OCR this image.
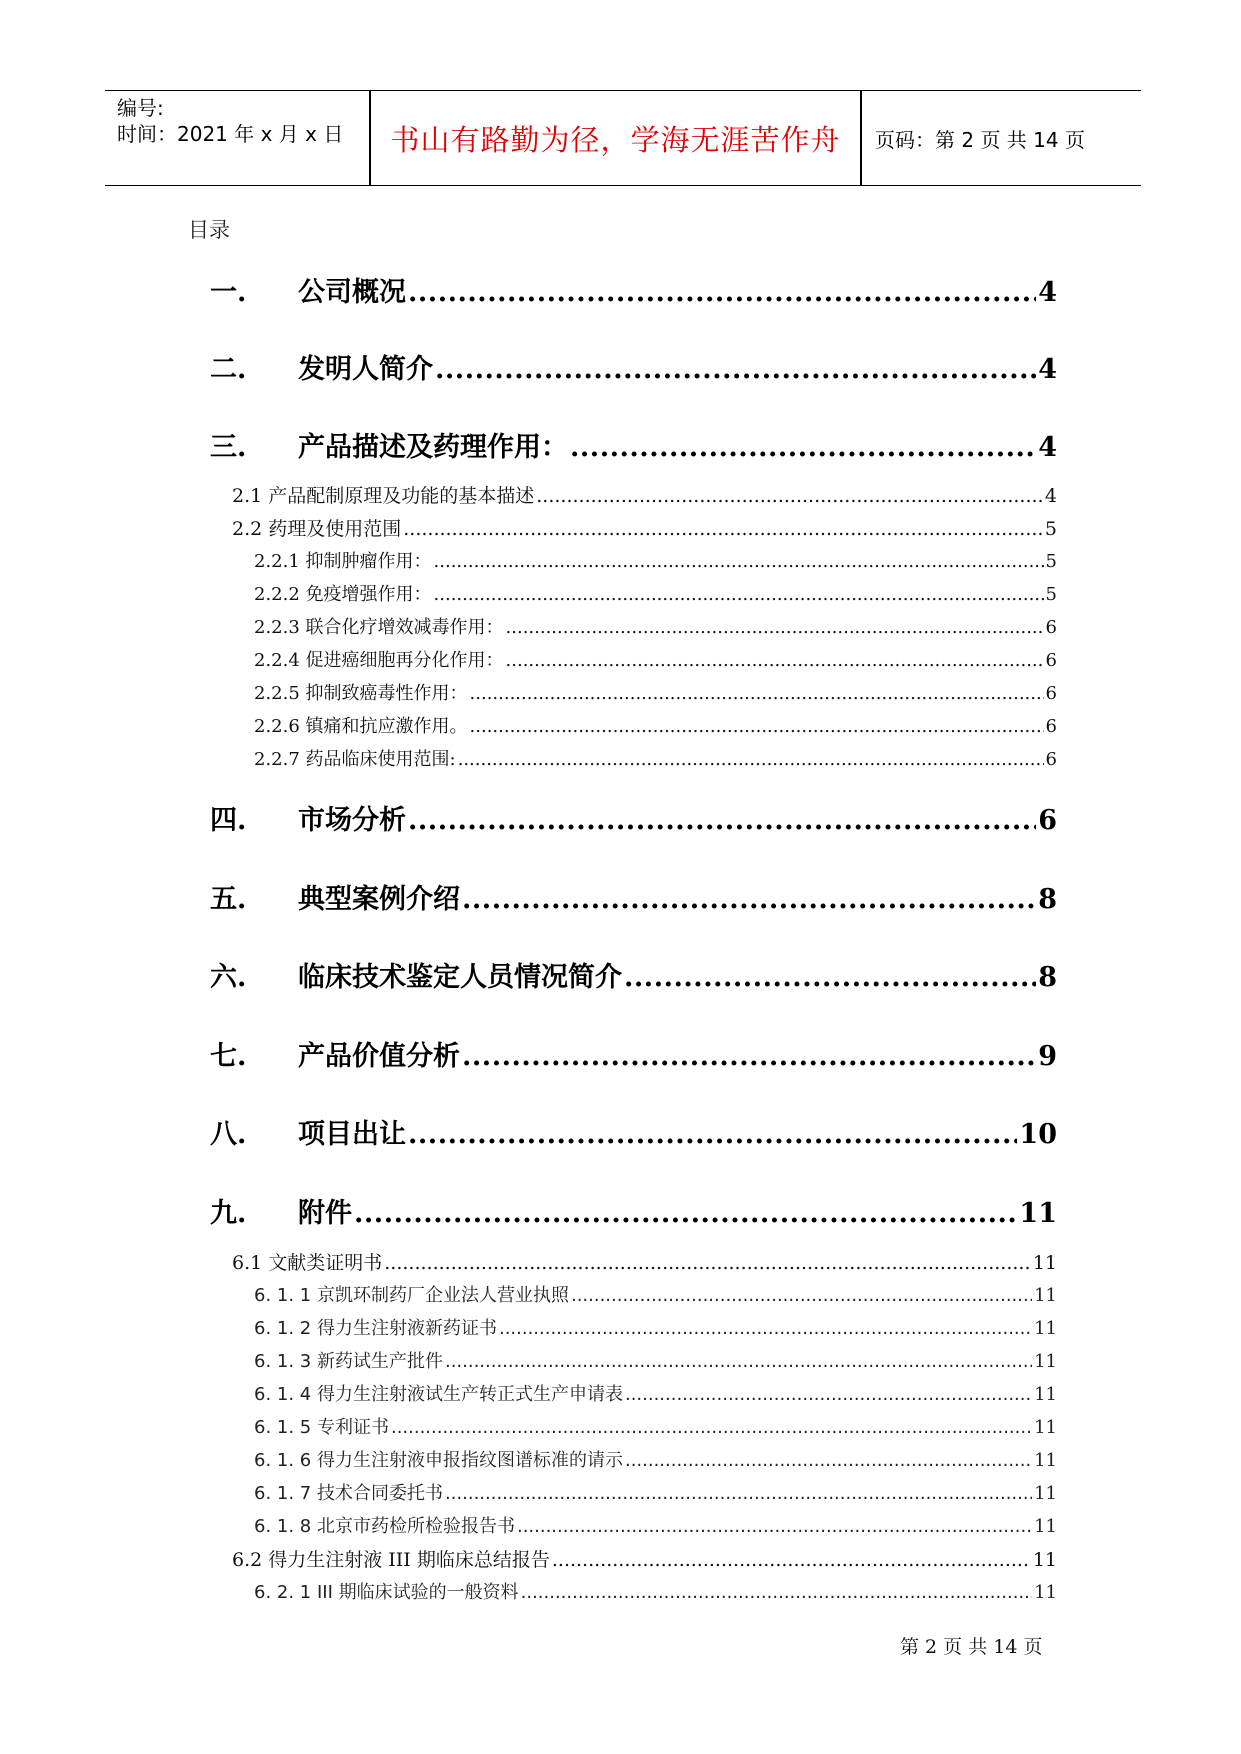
编号:
时间：2021 年 x 月 x 日	书山有路勤为径，学海无涯苦作舟	页码：第 2 页 共 14 页
目录
一. 公司概况 .....	4
二. 发明人简介 .....	4
三. 产品描述及药理作用： .....	4
2.1 产品配制原理及功能的基本描述 .....	4
2.2 药理及使用范围 .....	5
2.2.1 抑制肿瘤作用： .....	5
2.2.2 免疫增强作用： .....	5
2.2.3 联合化疗增效减毒作用： .....	6
2.2.4 促进癌细胞再分化作用： .....	6
2.2.5 抑制致癌毒性作用： .....	6
2.2.6 镇痛和抗应激作用。 .....	6
2.2.7 药品临床使用范围: .....	6
四. 市场分析 .....	6
五. 典型案例介绍 .....	8
六. 临床技术鉴定人员情况简介 .....	8
七. 产品价值分析 .....	9
八. 项目出让 .....	10
九. 附件 .....	11
6.1 文献类证明书 .....	11
6. 1. 1 京凯环制药厂企业法人营业执照 .....	11
6. 1. 2 得力生注射液新药证书 .....	11
6. 1. 3 新药试生产批件 .....	11
6. 1. 4 得力生注射液试生产转正式生产申请表 .....	11
6. 1. 5 专利证书 .....	11
6. 1. 6 得力生注射液申报指纹图谱标准的请示 .....	11
6. 1. 7 技术合同委托书 .....	11
6. 1. 8 北京市药检所检验报告书 .....	11
6.2 得力生注射液 III 期临床总结报告 .....	11
6. 2. 1 III 期临床试验的一般资料 .....	11
第 2 页 共 14 页
